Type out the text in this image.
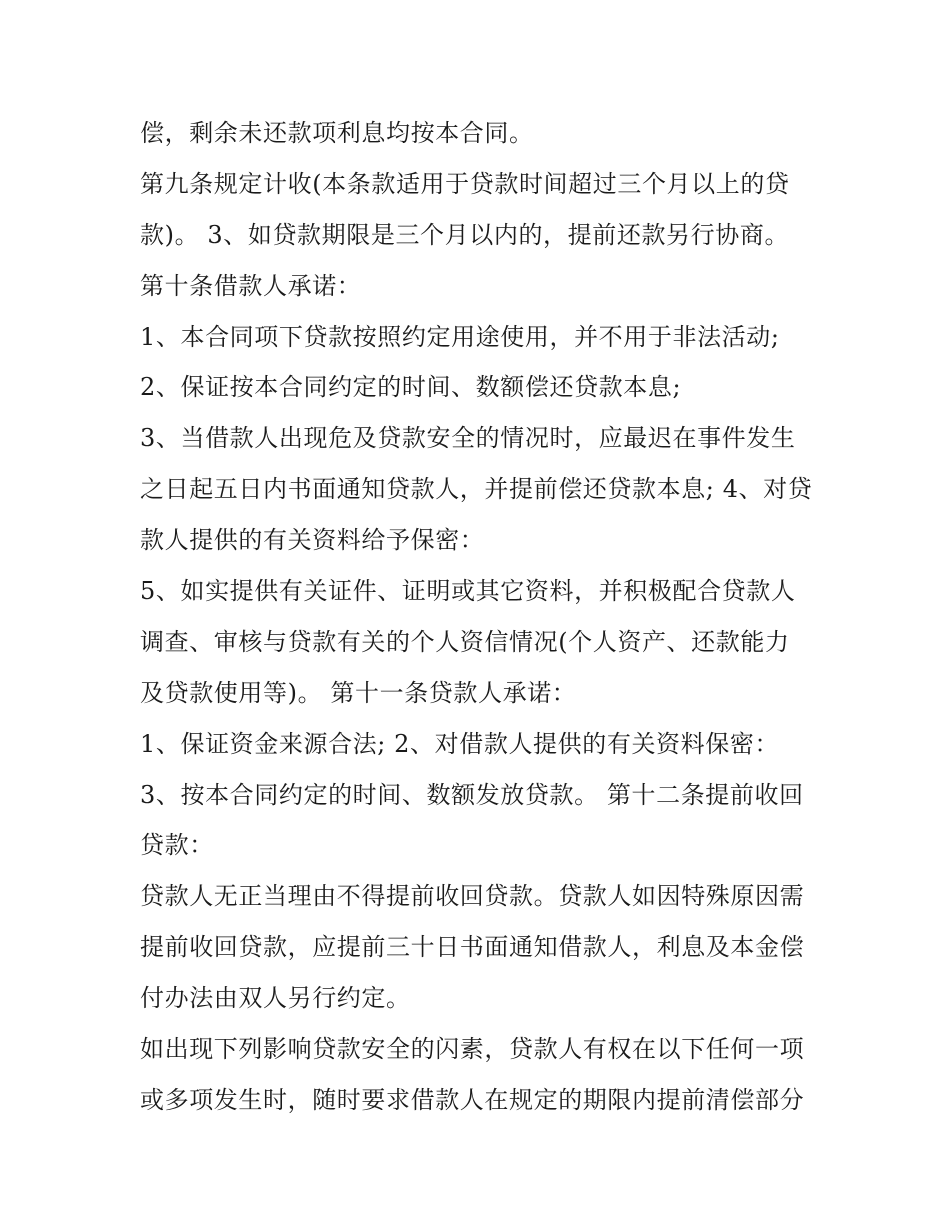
偿，剩余未还款项利息均按本合同。
第九条规定计收(本条款适用于贷款时间超过三个月以上的贷
款)。 3、如贷款期限是三个月以内的，提前还款另行协商。
第十条借款人承诺：
1、本合同项下贷款按照约定用途使用，并不用于非法活动;
2、保证按本合同约定的时间、数额偿还贷款本息;
3、当借款人出现危及贷款安全的情况时，应最迟在事件发生
之日起五日内书面通知贷款人，并提前偿还贷款本息; 4、对贷
款人提供的有关资料给予保密：
5、如实提供有关证件、证明或其它资料，并积极配合贷款人
调查、审核与贷款有关的个人资信情况(个人资产、还款能力
及贷款使用等)。 第十一条贷款人承诺：
1、保证资金来源合法; 2、对借款人提供的有关资料保密：
3、按本合同约定的时间、数额发放贷款。 第十二条提前收回
贷款：
贷款人无正当理由不得提前收回贷款。贷款人如因特殊原因需
提前收回贷款，应提前三十日书面通知借款人，利息及本金偿
付办法由双人另行约定。
如出现下列影响贷款安全的闪素，贷款人有权在以下任何一项
或多项发生时，随时要求借款人在规定的期限内提前清偿部分
